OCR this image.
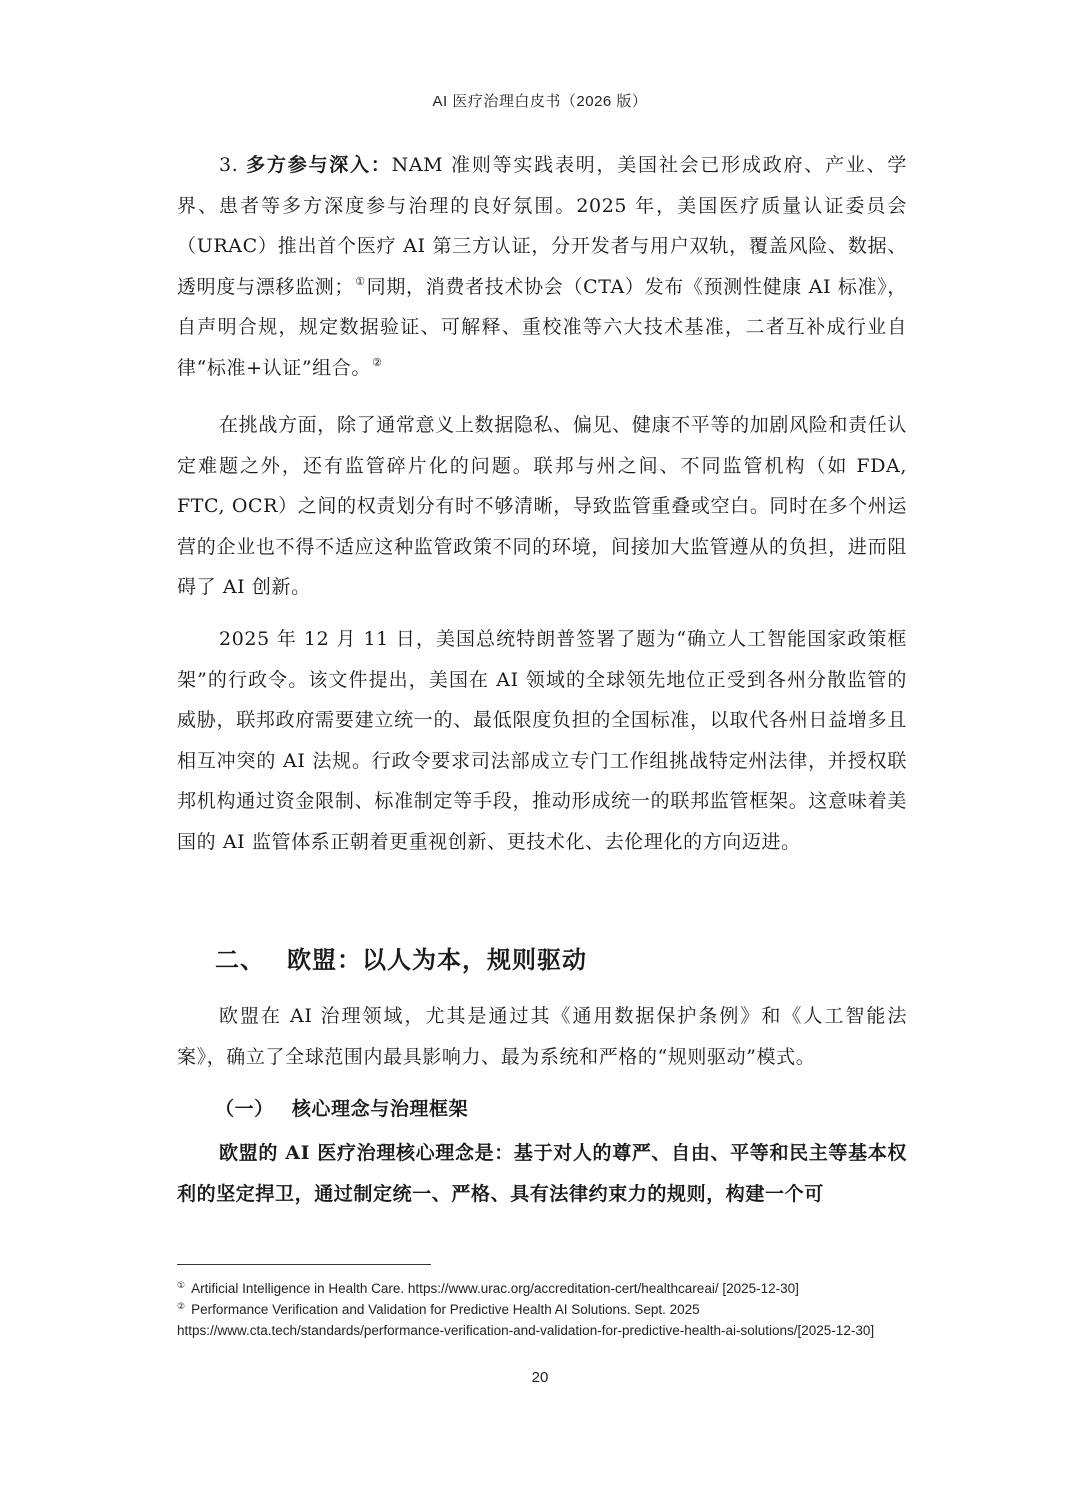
AI 医疗治理白皮书（2026 版）

3. 多方参与深入：NAM 准则等实践表明，美国社会已形成政府、产业、学界、患者等多方深度参与治理的良好氛围。2025 年，美国医疗质量认证委员会（URAC）推出首个医疗 AI 第三方认证，分开发者与用户双轨，覆盖风险、数据、透明度与漂移监测；①同期，消费者技术协会（CTA）发布《预测性健康 AI 标准》，自声明合规，规定数据验证、可解释、重校准等六大技术基准，二者互补成行业自律“标准+认证”组合。②

在挑战方面，除了通常意义上数据隐私、偏见、健康不平等的加剧风险和责任认定难题之外，还有监管碎片化的问题。联邦与州之间、不同监管机构（如 FDA, FTC, OCR）之间的权责划分有时不够清晰，导致监管重叠或空白。同时在多个州运营的企业也不得不适应这种监管政策不同的环境，间接加大监管遵从的负担，进而阻碍了 AI 创新。

2025 年 12 月 11 日，美国总统特朗普签署了题为“确立人工智能国家政策框架”的行政令。该文件提出，美国在 AI 领域的全球领先地位正受到各州分散监管的威胁，联邦政府需要建立统一的、最低限度负担的全国标准，以取代各州日益增多且相互冲突的 AI 法规。行政令要求司法部成立专门工作组挑战特定州法律，并授权联邦机构通过资金限制、标准制定等手段，推动形成统一的联邦监管框架。这意味着美国的 AI 监管体系正朝着更重视创新、更技术化、去伦理化的方向迈进。

二、 欧盟：以人为本，规则驱动

欧盟在 AI 治理领域，尤其是通过其《通用数据保护条例》和《人工智能法案》，确立了全球范围内最具影响力、最为系统和严格的“规则驱动”模式。

（一） 核心理念与治理框架

欧盟的 AI 医疗治理核心理念是：基于对人的尊严、自由、平等和民主等基本权利的坚定捍卫，通过制定统一、严格、具有法律约束力的规则，构建一个可

① Artificial Intelligence in Health Care. https://www.urac.org/accreditation-cert/healthcareai/ [2025-12-30]

② Performance Verification and Validation for Predictive Health AI Solutions. Sept. 2025

https://www.cta.tech/standards/performance-verification-and-validation-for-predictive-health-ai-solutions/[2025-12-30]

20
